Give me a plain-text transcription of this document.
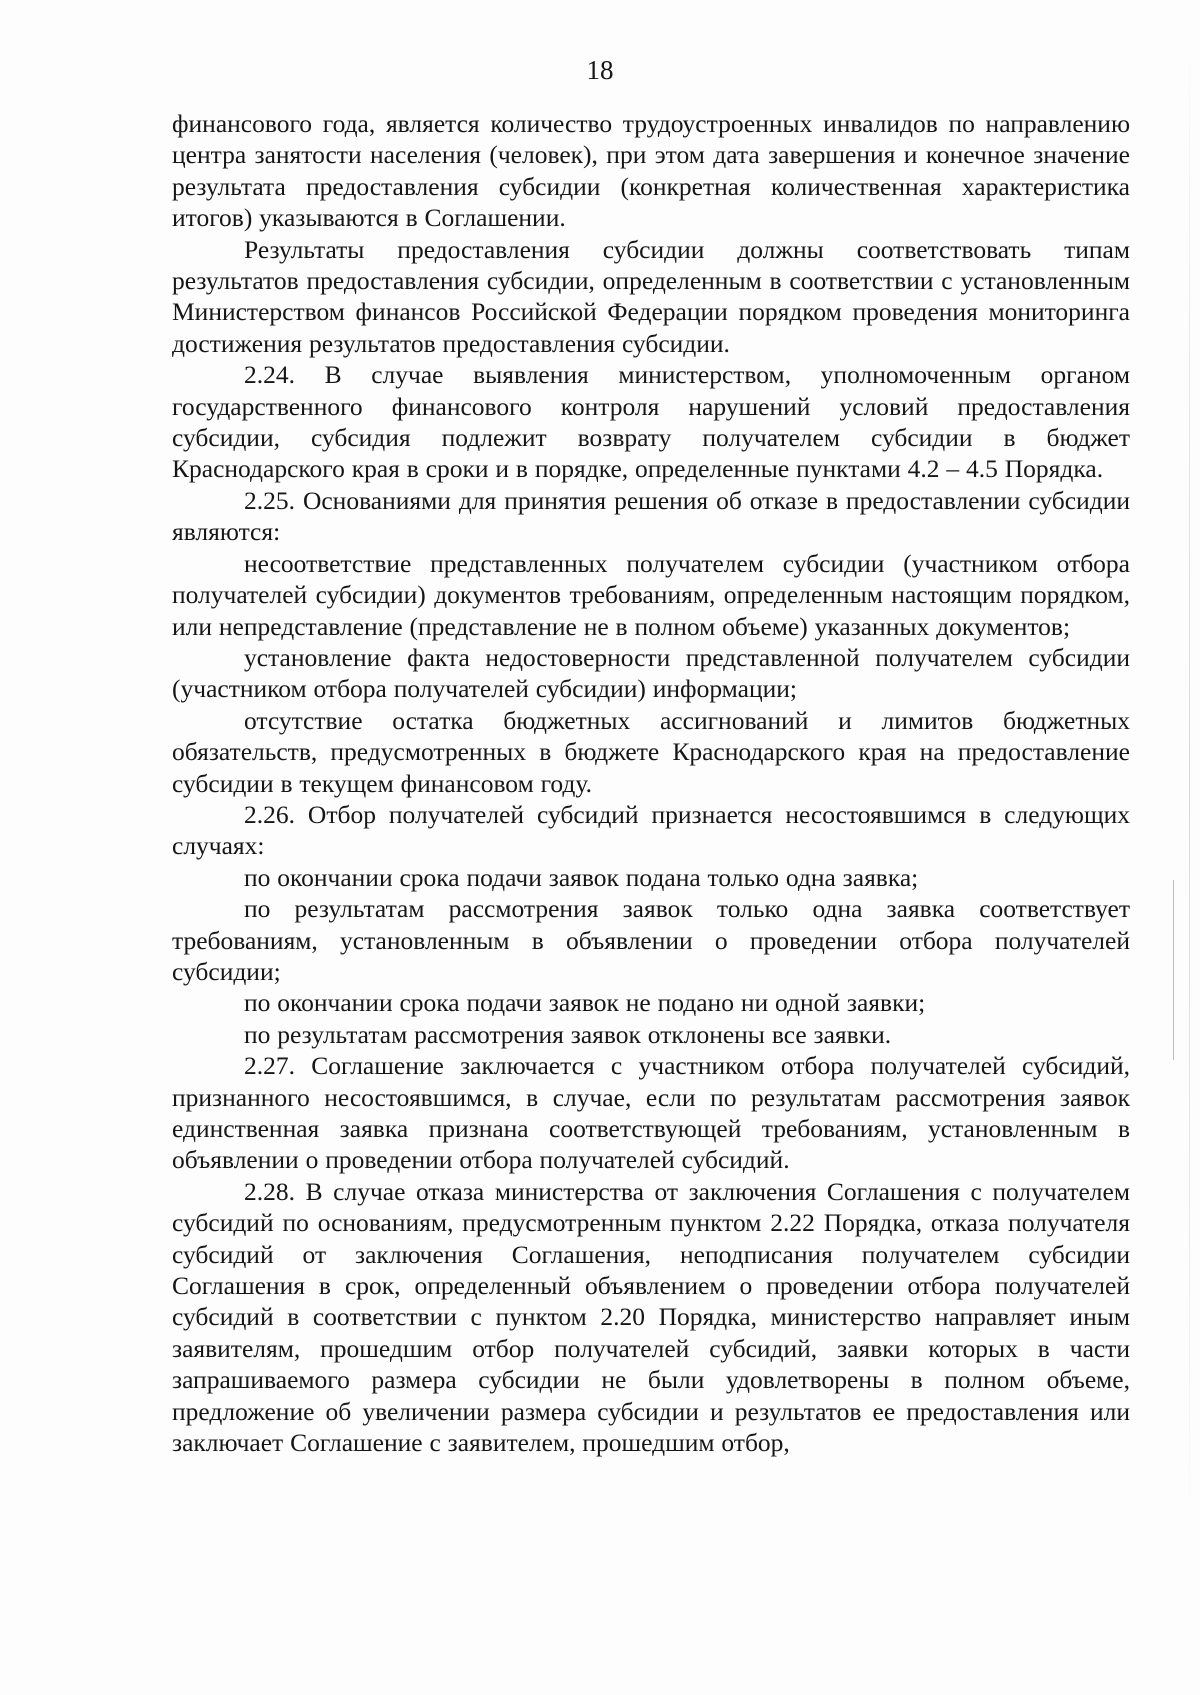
18

финансового года, является количество трудоустроенных инвалидов по направлению центра занятости населения (человек), при этом дата завершения и конечное значение результата предоставления субсидии (конкретная количественная характеристика итогов) указываются в Соглашении.

Результаты предоставления субсидии должны соответствовать типам результатов предоставления субсидии, определенным в соответствии с установленным Министерством финансов Российской Федерации порядком проведения мониторинга достижения результатов предоставления субсидии.

2.24. В случае выявления министерством, уполномоченным органом государственного финансового контроля нарушений условий предоставления субсидии, субсидия подлежит возврату получателем субсидии в бюджет Краснодарского края в сроки и в порядке, определенные пунктами 4.2 – 4.5 Порядка.

2.25. Основаниями для принятия решения об отказе в предоставлении субсидии являются:

несоответствие представленных получателем субсидии (участником отбора получателей субсидии) документов требованиям, определенным настоящим порядком, или непредставление (представление не в полном объеме) указанных документов;

установление факта недостоверности представленной получателем субсидии (участником отбора получателей субсидии) информации;

отсутствие остатка бюджетных ассигнований и лимитов бюджетных обязательств, предусмотренных в бюджете Краснодарского края на предоставление субсидии в текущем финансовом году.

2.26. Отбор получателей субсидий признается несостоявшимся в следующих случаях:

по окончании срока подачи заявок подана только одна заявка;

по результатам рассмотрения заявок только одна заявка соответствует требованиям, установленным в объявлении о проведении отбора получателей субсидии;

по окончании срока подачи заявок не подано ни одной заявки;

по результатам рассмотрения заявок отклонены все заявки.

2.27. Соглашение заключается с участником отбора получателей субсидий, признанного несостоявшимся, в случае, если по результатам рассмотрения заявок единственная заявка признана соответствующей требованиям, установленным в объявлении о проведении отбора получателей субсидий.

2.28. В случае отказа министерства от заключения Соглашения с получателем субсидий по основаниям, предусмотренным пунктом 2.22 Порядка, отказа получателя субсидий от заключения Соглашения, неподписания получателем субсидии Соглашения в срок, определенный объявлением о проведении отбора получателей субсидий в соответствии с пунктом 2.20 Порядка, министерство направляет иным заявителям, прошедшим отбор получателей субсидий, заявки которых в части запрашиваемого размера субсидии не были удовлетворены в полном объеме, предложение об увеличении размера субсидии и результатов ее предоставления или заключает Соглашение с заявителем, прошедшим отбор,
